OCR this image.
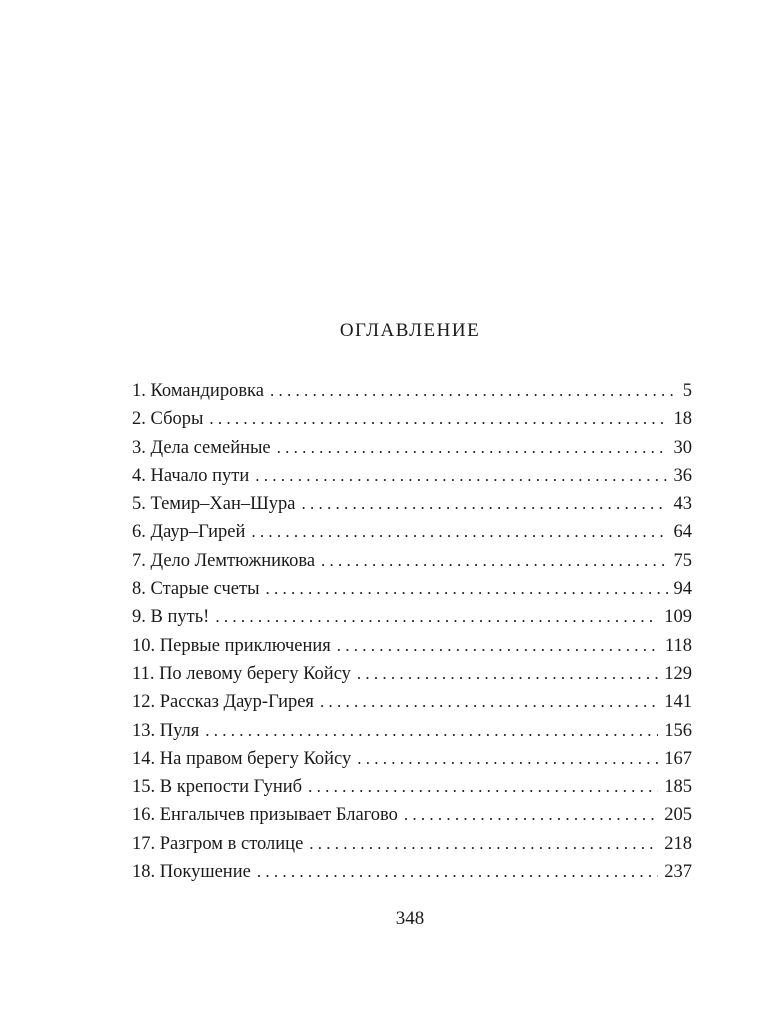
ОГЛАВЛЕНИЕ
1. Командировка . . .	5
2. Сборы . . .	18
3. Дела семейные . . .	30
4. Начало пути . . .	36
5. Темир–Хан–Шура . . .	43
6. Даур–Гирей . . .	64
7. Дело Лемтюжникова . . .	75
8. Старые счеты . . .	94
9. В путь! . . .	109
10. Первые приключения . . .	118
11. По левому берегу Койсу . . .	129
12. Рассказ Даур-Гирея . . .	141
13. Пуля . . .	156
14. На правом берегу Койсу . . .	167
15. В крепости Гуниб . . .	185
16. Енгалычев призывает Благово . . .	205
17. Разгром в столице . . .	218
18. Покушение . . .	237
348
